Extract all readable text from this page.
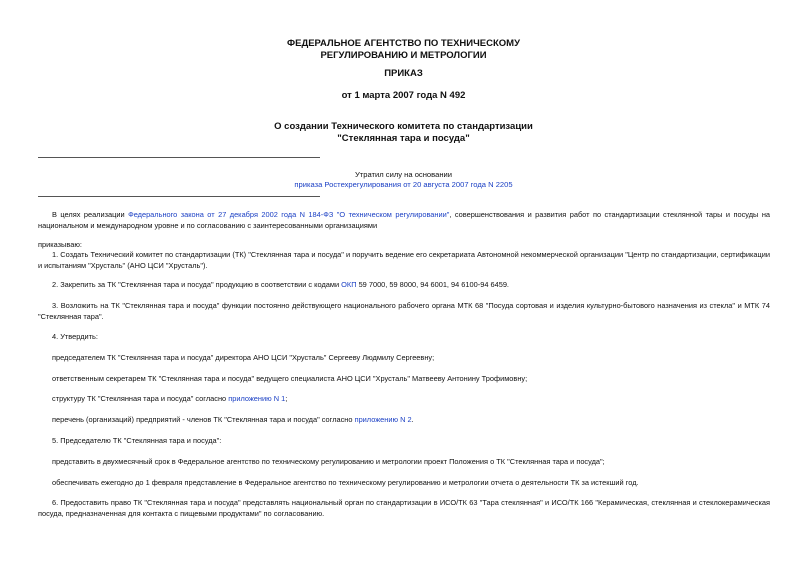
ФЕДЕРАЛЬНОЕ АГЕНТСТВО ПО ТЕХНИЧЕСКОМУ
РЕГУЛИРОВАНИЮ И МЕТРОЛОГИИ
ПРИКАЗ
от 1 марта 2007 года N 492
О создании Технического комитета по стандартизации
"Стеклянная тара и посуда"
Утратил силу на основании
приказа Ростехрегулирования от 20 августа 2007 года N 2205
В целях реализации Федерального закона от 27 декабря 2002 года N 184-ФЗ "О техническом регулировании", совершенствования и развития работ по стандартизации стеклянной тары и посуды на национальном и международном уровне и по согласованию с заинтересованными организациями
приказываю:
1. Создать Технический комитет по стандартизации (ТК) "Стеклянная тара и посуда" и поручить ведение его секретариата Автономной некоммерческой организации "Центр по стандартизации, сертификации и испытаниям "Хрусталь" (АНО ЦСИ "Хрусталь").
2. Закрепить за ТК "Стеклянная тара и посуда" продукцию в соответствии с кодами ОКП 59 7000, 59 8000, 94 6001, 94 6100-94 6459.
3. Возложить на ТК "Стеклянная тара и посуда" функции постоянно действующего национального рабочего органа МТК 68 "Посуда сортовая и изделия культурно-бытового назначения из стекла" и МТК 74 "Стеклянная тара".
4. Утвердить:
председателем ТК "Стеклянная тара и посуда" директора АНО ЦСИ "Хрусталь" Сергееву Людмилу Сергеевну;
ответственным секретарем ТК "Стеклянная тара и посуда" ведущего специалиста АНО ЦСИ "Хрусталь" Матвееву Антонину Трофимовну;
структуру ТК "Стеклянная тара и посуда" согласно приложению N 1;
перечень (организаций) предприятий - членов ТК "Стеклянная тара и посуда" согласно приложению N 2.
5. Председателю ТК "Стеклянная тара и посуда":
представить в двухмесячный срок в Федеральное агентство по техническому регулированию и метрологии проект Положения о ТК "Стеклянная тара и посуда";
обеспечивать ежегодно до 1 февраля представление в Федеральное агентство по техническому регулированию и метрологии отчета о деятельности ТК за истекший год.
6. Предоставить право ТК "Стеклянная тара и посуда" представлять национальный орган по стандартизации в ИСО/ТК 63 "Тара стеклянная" и ИСО/ТК 166 "Керамическая, стеклянная и стеклокерамическая посуда, предназначенная для контакта с пищевыми продуктами" по согласованию.
